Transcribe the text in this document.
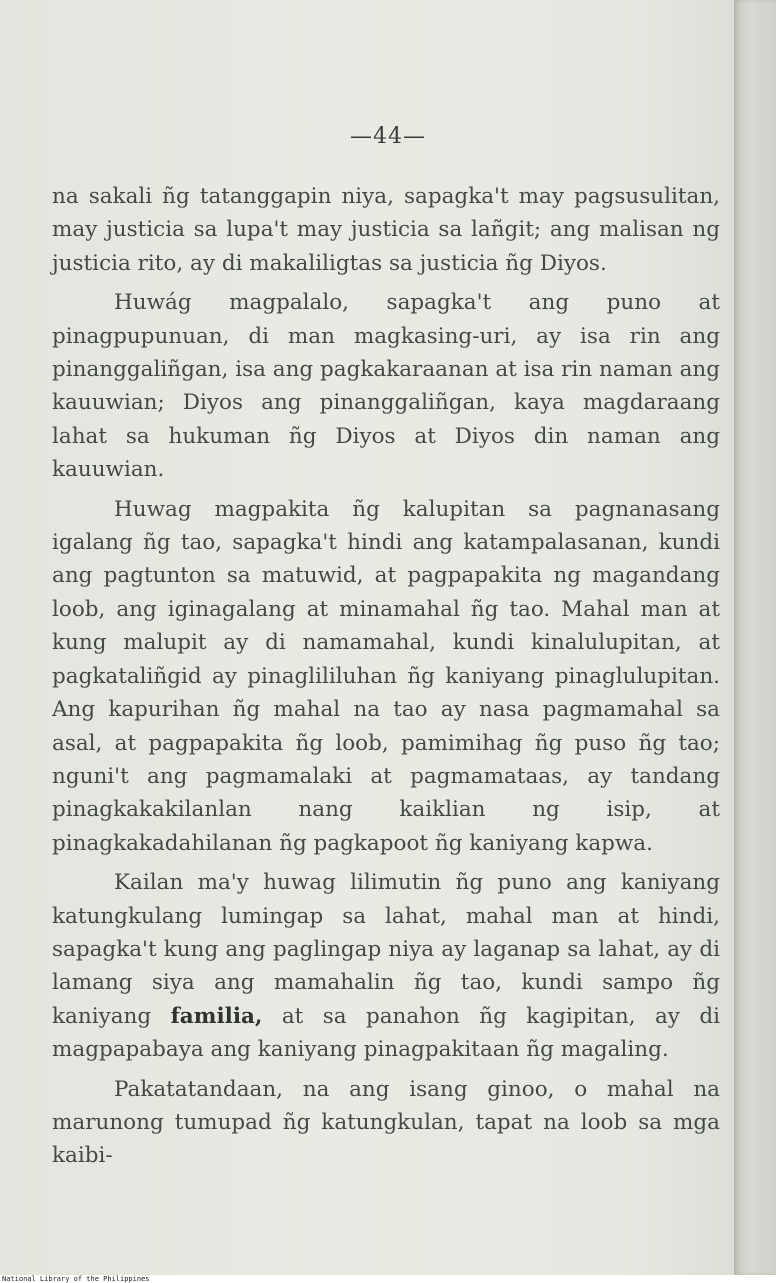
—44—

na sakali ñg tatanggapin niya, sapagka't may pagsusulitan, may justicia sa lupa't may justicia sa lañgit; ang malisan ng justicia rito, ay di makaliligtas sa justicia ñg Diyos.

Huwág magpalalo, sapagka't ang puno at pinagpupunuan, di man magkasing-uri, ay isa rin ang pinanggaliñgan, isa ang pagkakaraanan at isa rin naman ang kauuwian; Diyos ang pinanggaliñgan, kaya magdaraang lahat sa hukuman ñg Diyos at Diyos din naman ang kauuwian.

Huwag magpakita ñg kalupitan sa pagnanasang igalang ñg tao, sapagka't hindi ang katampalasanan, kundi ang pagtunton sa matuwid, at pagpapakita ng magandang loob, ang iginagalang at minamahal ñg tao. Mahal man at kung malupit ay di namamahal, kundi kinalulupitan, at pagkataliñgid ay pinaglililuhan ñg kaniyang pinaglulupitan. Ang kapurihan ñg mahal na tao ay nasa pagmamahal sa asal, at pagpapakita ñg loob, pamimihag ñg puso ñg tao; nguni't ang pagmamalaki at pagmamataas, ay tandang pinagkakakilanlan nang kaiklian ng isip, at pinagkakadahilanan ñg pagkapoot ñg kaniyang kapwa.

Kailan ma'y huwag lilimutin ñg puno ang kaniyang katungkulang lumingap sa lahat, mahal man at hindi, sapagka't kung ang paglingap niya ay laganap sa lahat, ay di lamang siya ang mamahalin ñg tao, kundi sampo ñg kaniyang familia, at sa panahon ñg kagipitan, ay di magpapabaya ang kaniyang pinagpakitaan ñg magaling.

Pakatatandaan, na ang isang ginoo, o mahal na marunong tumupad ñg katungkulan, tapat na loob sa mga kaibi-

National Library of the Philippines
